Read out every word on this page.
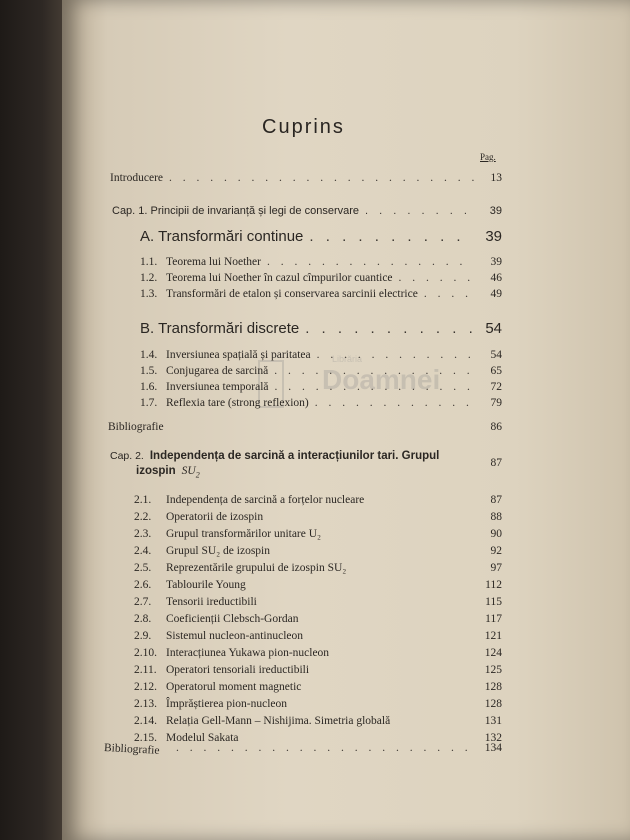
Cuprins
Pag.
Librăria
Doamnei
Introducere . . .	13
Cap. 1. Principii de invarianță și legi de conservare . . .	39
A. Transformări continue . . .	39
1.1. Teorema lui Noether . . .	39
1.2. Teorema lui Noether în cazul cîmpurilor cuantice . . .	46
1.3. Transformări de etalon și conservarea sarcinii electrice . . .	49
B. Transformări discrete . . .	54
1.4. Inversiunea spațială și paritatea . . .	54
1.5. Conjugarea de sarcină . . .	65
1.6. Inversiunea temporală . . .	72
1.7. Reflexia tare (strong reflexion) . . .	79
Bibliografie	86
Cap. 2. Independența de sarcină a interacțiunilor tari. Grupul
izospin $SU_2$
87
2.1. Independența de sarcină a forțelor nucleare	87
2.2. Operatorii de izospin	88
2.3. Grupul transformărilor unitare U₂	90
2.4. Grupul SU₂ de izospin	92
2.5. Reprezentările grupului de izospin SU₂	97
2.6. Tablourile Young	112
2.7. Tensorii ireductibili	115
2.8. Coeficienții Clebsch-Gordan	117
2.9. Sistemul nucleon-antinucleon	121
2.10. Interacțiunea Yukawa pion-nucleon	124
2.11. Operatori tensoriali ireductibili	125
2.12. Operatorul moment magnetic	128
2.13. Împrăștierea pion-nucleon	128
2.14. Relația Gell-Mann – Nishijima. Simetria globală	131
2.15. Modelul Sakata	132
Bibliografie . . .	134
